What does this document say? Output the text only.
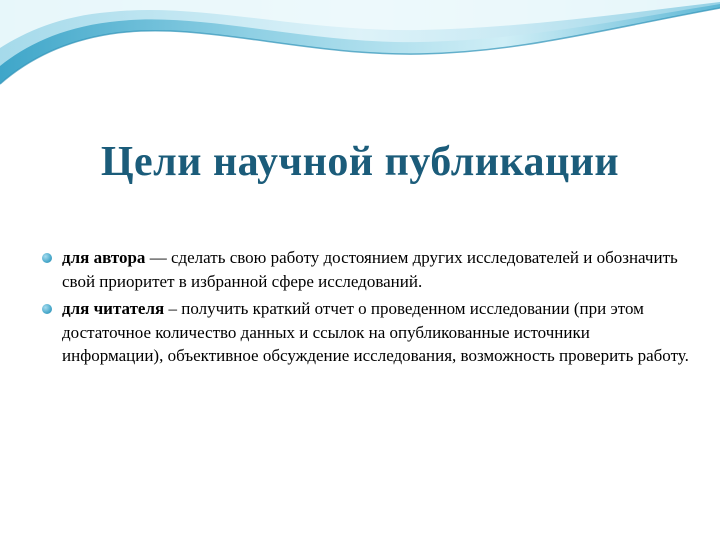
Цели научной публикации
для автора — сделать свою работу достоянием других исследователей и обозначить свой приоритет в избранной сфере исследований.
для читателя – получить краткий отчет о проведенном исследовании (при этом достаточное количество данных и ссылок на опубликованные источники информации), объективное обсуждение исследования, возможность проверить работу.
